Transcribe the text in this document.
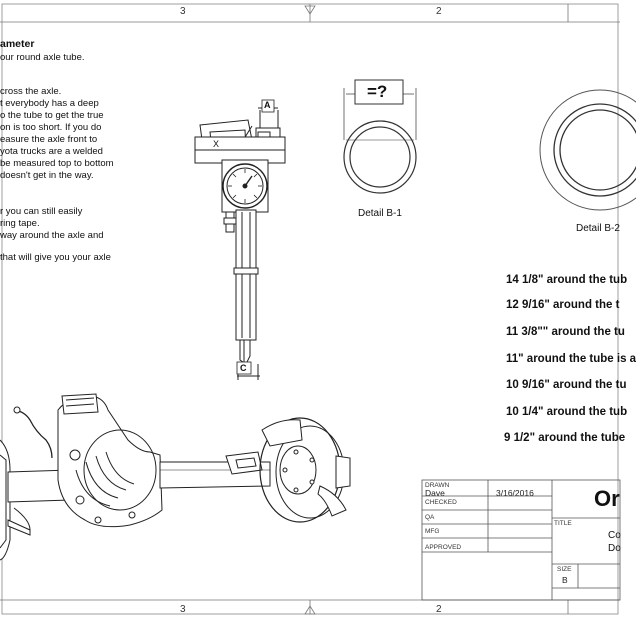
3	2
3	2
ameter
our round axle tube.
cross the axle.
t everybody has a deep
o the tube to get the true
on is too short. If you do
easure the axle front to
yota trucks are a welded
be measured top to bottom
doesn't get in the way.
r you can still easily
ring tape.
way around the axle and
that will give you your axle
A
X
C
=?
Detail B-1
Detail B-2
14 1/8" around the tub
12 9/16" around the t
11 3/8"" around the tu
11" around the tube is a
10 9/16" around the tu
10 1/4" around the tub
9 1/2" around the tube
DRAWN
Dave	3/16/2016
CHECKED
QA
MFG
APPROVED
TITLE
Or
Co
Do
SIZE
B
